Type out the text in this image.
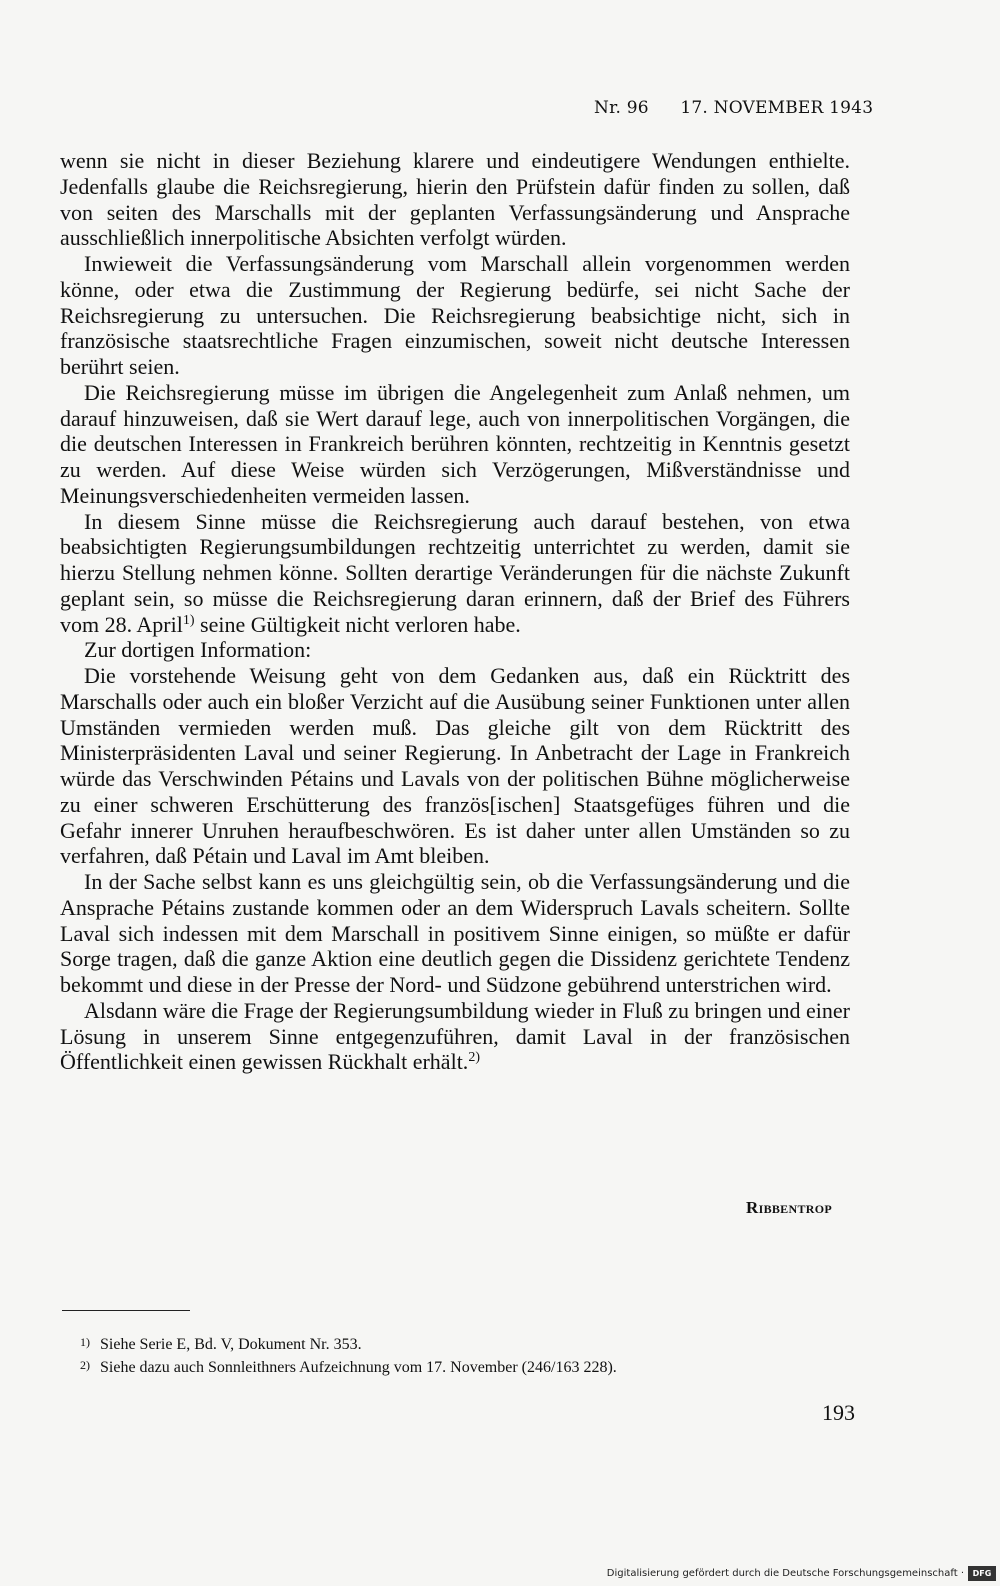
Nr. 96 17. NOVEMBER 1943

wenn sie nicht in dieser Beziehung klarere und eindeutigere Wendungen enthielte. Jedenfalls glaube die Reichsregierung, hierin den Prüfstein dafür finden zu sollen, daß von seiten des Marschalls mit der geplanten Verfassungsänderung und Ansprache ausschließlich innerpolitische Absichten verfolgt würden.

Inwieweit die Verfassungsänderung vom Marschall allein vorgenommen werden könne, oder etwa die Zustimmung der Regierung bedürfe, sei nicht Sache der Reichsregierung zu untersuchen. Die Reichsregierung beabsichtige nicht, sich in französische staatsrechtliche Fragen einzumischen, soweit nicht deutsche Interessen berührt seien.

Die Reichsregierung müsse im übrigen die Angelegenheit zum Anlaß nehmen, um darauf hinzuweisen, daß sie Wert darauf lege, auch von innerpolitischen Vorgängen, die die deutschen Interessen in Frankreich berühren könnten, rechtzeitig in Kenntnis gesetzt zu werden. Auf diese Weise würden sich Verzögerungen, Mißverständnisse und Meinungsverschiedenheiten vermeiden lassen.

In diesem Sinne müsse die Reichsregierung auch darauf bestehen, von etwa beabsichtigten Regierungsumbildungen rechtzeitig unterrichtet zu werden, damit sie hierzu Stellung nehmen könne. Sollten derartige Veränderungen für die nächste Zukunft geplant sein, so müsse die Reichsregierung daran erinnern, daß der Brief des Führers vom 28. April$^{1)}$ seine Gültigkeit nicht verloren habe.

Zur dortigen Information:

Die vorstehende Weisung geht von dem Gedanken aus, daß ein Rücktritt des Marschalls oder auch ein bloßer Verzicht auf die Ausübung seiner Funktionen unter allen Umständen vermieden werden muß. Das gleiche gilt von dem Rücktritt des Ministerpräsidenten Laval und seiner Regierung. In Anbetracht der Lage in Frankreich würde das Verschwinden Pétains und Lavals von der politischen Bühne möglicherweise zu einer schweren Erschütterung des französ[ischen] Staatsgefüges führen und die Gefahr innerer Unruhen heraufbeschwören. Es ist daher unter allen Umständen so zu verfahren, daß Pétain und Laval im Amt bleiben.

In der Sache selbst kann es uns gleichgültig sein, ob die Verfassungsänderung und die Ansprache Pétains zustande kommen oder an dem Widerspruch Lavals scheitern. Sollte Laval sich indessen mit dem Marschall in positivem Sinne einigen, so müßte er dafür Sorge tragen, daß die ganze Aktion eine deutlich gegen die Dissidenz gerichtete Tendenz bekommt und diese in der Presse der Nord- und Südzone gebührend unterstrichen wird.

Alsdann wäre die Frage der Regierungsumbildung wieder in Fluß zu bringen und einer Lösung in unserem Sinne entgegenzuführen, damit Laval in der französischen Öffentlichkeit einen gewissen Rückhalt erhält.$^{2)}$

Ribbentrop
1) Siehe Serie E, Bd. V, Dokument Nr. 353.
2) Siehe dazu auch Sonnleithners Aufzeichnung vom 17. November (246/163 228).
193
Digitalisierung gefördert durch die Deutsche Forschungsgemeinschaft ·	DFG
